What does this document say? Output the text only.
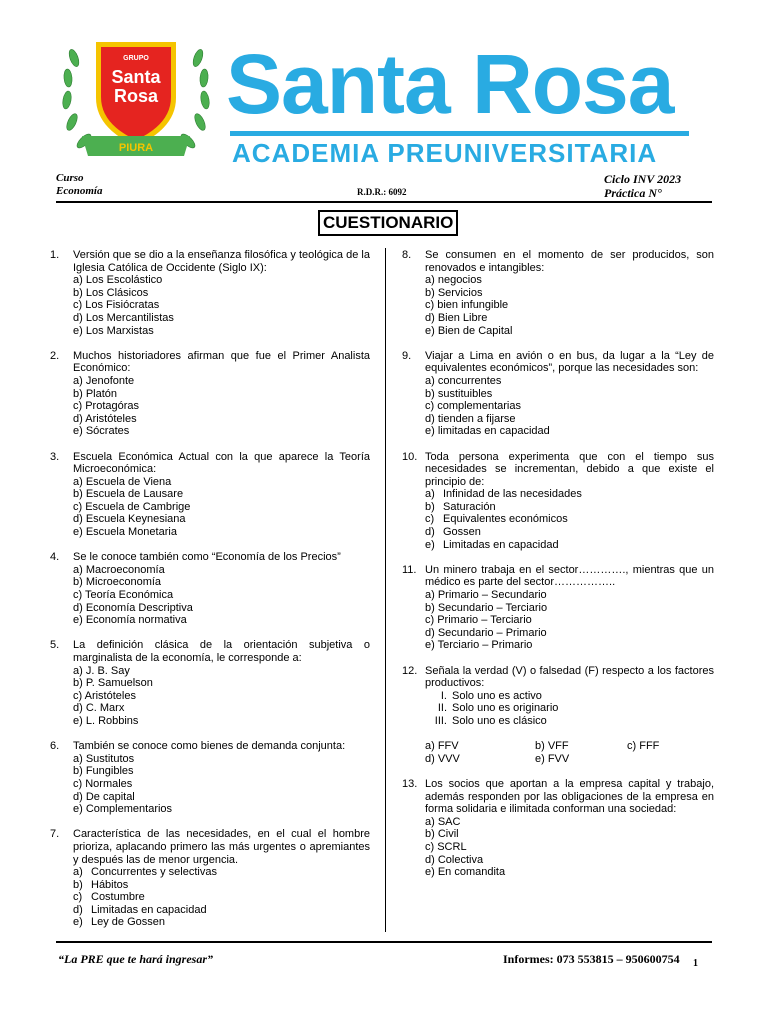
GRUPO
Santa
Rosa
PIURA
Santa Rosa
ACADEMIA PREUNIVERSITARIA
Curso
Economía	R.D.R.: 6092
Ciclo INV 2023
Práctica N°
CUESTIONARIO
1.	Versión que se dio a la enseñanza filosófica y teológica de la Iglesia Católica de Occidente (Siglo IX):
a) Los Escolástico
b) Los Clásicos
c) Los Fisiócratas
d) Los Mercantilistas
e) Los Marxistas
2.	Muchos historiadores afirman que fue el Primer Analista Económico:
a) Jenofonte
b) Platón
c) Protagóras
d) Aristóteles
e) Sócrates
3.	Escuela Económica Actual con la que aparece la Teoría Microeconómica:
a) Escuela de Viena
b) Escuela de Lausare
c) Escuela de Cambrige
d) Escuela Keynesiana
e) Escuela Monetaria
4.	Se le conoce también como “Economía de los Precios”
a) Macroeconomía
b) Microeconomía
c) Teoría Económica
d) Economía Descriptiva
e) Economía normativa
5.	La definición clásica de la orientación subjetiva o marginalista de la economía, le corresponde a:
a) J. B. Say
b) P. Samuelson
c) Aristóteles
d) C. Marx
e) L. Robbins
6.	También se conoce como bienes de demanda conjunta:
a) Sustitutos
b) Fungibles
c) Normales
d) De capital
e) Complementarios
7.	Característica de las necesidades, en el cual el hombre prioriza, aplacando primero las más urgentes o apremiantes y después las de menor urgencia.
a) Concurrentes y selectivas
b) Hábitos
c) Costumbre
d) Limitadas en capacidad
e) Ley de Gossen
8.	Se consumen en el momento de ser producidos, son renovados e intangibles:
a) negocios
b) Servicios
c) bien infungible
d) Bien Libre
e) Bien de Capital
9.	Viajar a Lima en avión o en bus, da lugar a la “Ley de equivalentes económicos”, porque las necesidades son:
a) concurrentes
b) sustituibles
c) complementarias
d) tienden a fijarse
e) limitadas en capacidad
10. Toda persona experimenta que con el tiempo sus necesidades se incrementan, debido a que existe el principio de:
a) Infinidad de las necesidades
b) Saturación
c) Equivalentes económicos
d) Gossen
e) Limitadas en capacidad
11. Un minero trabaja en el sector…………., mientras que un médico es parte del sector……………..
a) Primario – Secundario
b) Secundario – Terciario
c) Primario – Terciario
d) Secundario – Primario
e) Terciario – Primario
12. Señala la verdad (V) o falsedad (F) respecto a los factores productivos:
I. Solo uno es activo
II. Solo uno es originario
III. Solo uno es clásico
a) FFV	b) VFF	c) FFF
d) VVV	e) FVV
13. Los socios que aportan a la empresa capital y trabajo, además responden por las obligaciones de la empresa en forma solidaria e ilimitada conforman una sociedad:
a) SAC
b) Civil
c) SCRL
d) Colectiva
e) En comandita
“La PRE que te hará ingresar”	Informes: 073 553815 – 950600754 1
